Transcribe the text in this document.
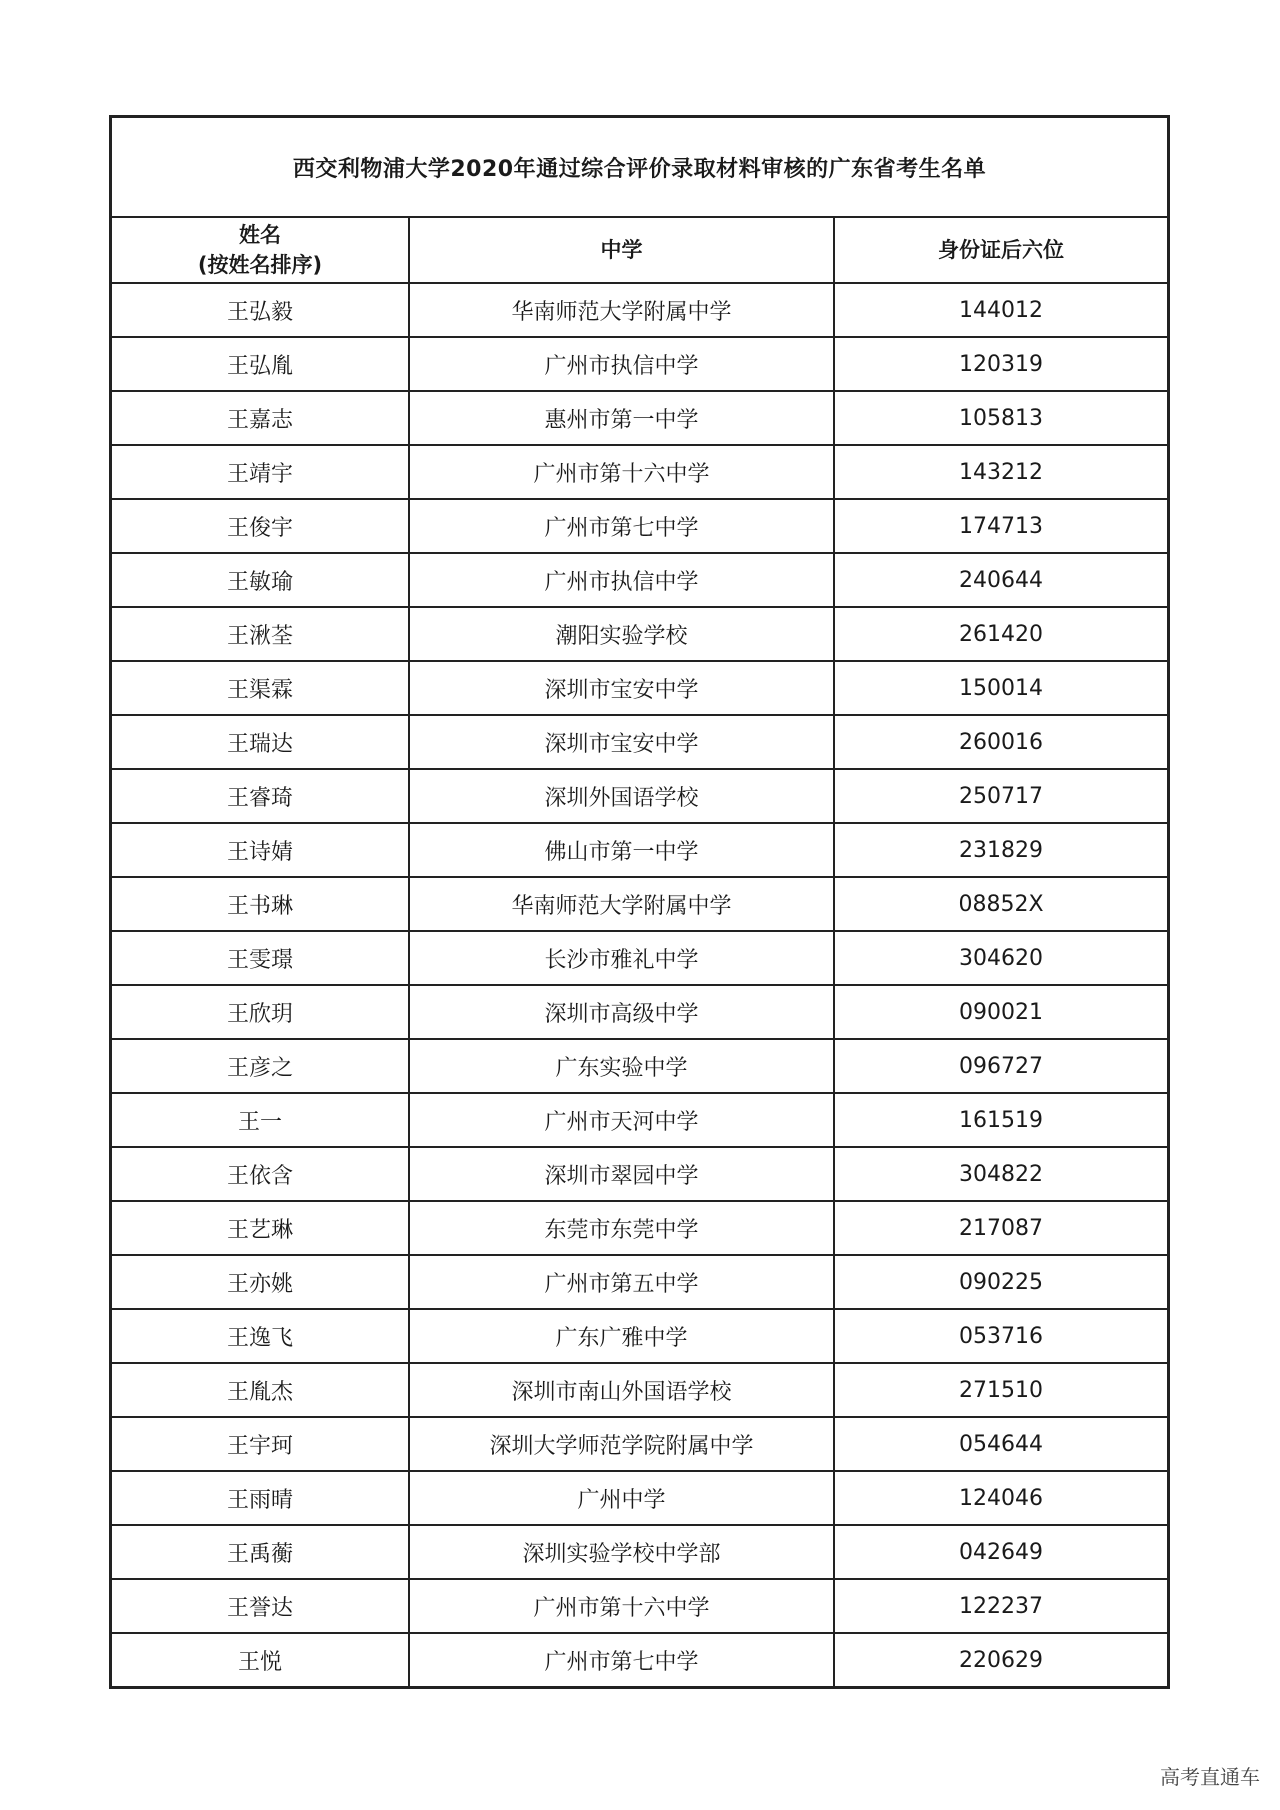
西交利物浦大学2020年通过综合评价录取材料审核的广东省考生名单
姓名
(按姓名排序)	中学	身份证后六位
王弘毅	华南师范大学附属中学	144012
王弘胤	广州市执信中学	120319
王嘉志	惠州市第一中学	105813
王靖宇	广州市第十六中学	143212
王俊宇	广州市第七中学	174713
王敏瑜	广州市执信中学	240644
王湫荃	潮阳实验学校	261420
王渠霖	深圳市宝安中学	150014
王瑞达	深圳市宝安中学	260016
王睿琦	深圳外国语学校	250717
王诗婧	佛山市第一中学	231829
王书琳	华南师范大学附属中学	08852X
王雯璟	长沙市雅礼中学	304620
王欣玥	深圳市高级中学	090021
王彦之	广东实验中学	096727
王一	广州市天河中学	161519
王依含	深圳市翠园中学	304822
王艺琳	东莞市东莞中学	217087
王亦姚	广州市第五中学	090225
王逸飞	广东广雅中学	053716
王胤杰	深圳市南山外国语学校	271510
王宇珂	深圳大学师范学院附属中学	054644
王雨晴	广州中学	124046
王禹蘅	深圳实验学校中学部	042649
王誉达	广州市第十六中学	122237
王悦	广州市第七中学	220629
高考直通车
